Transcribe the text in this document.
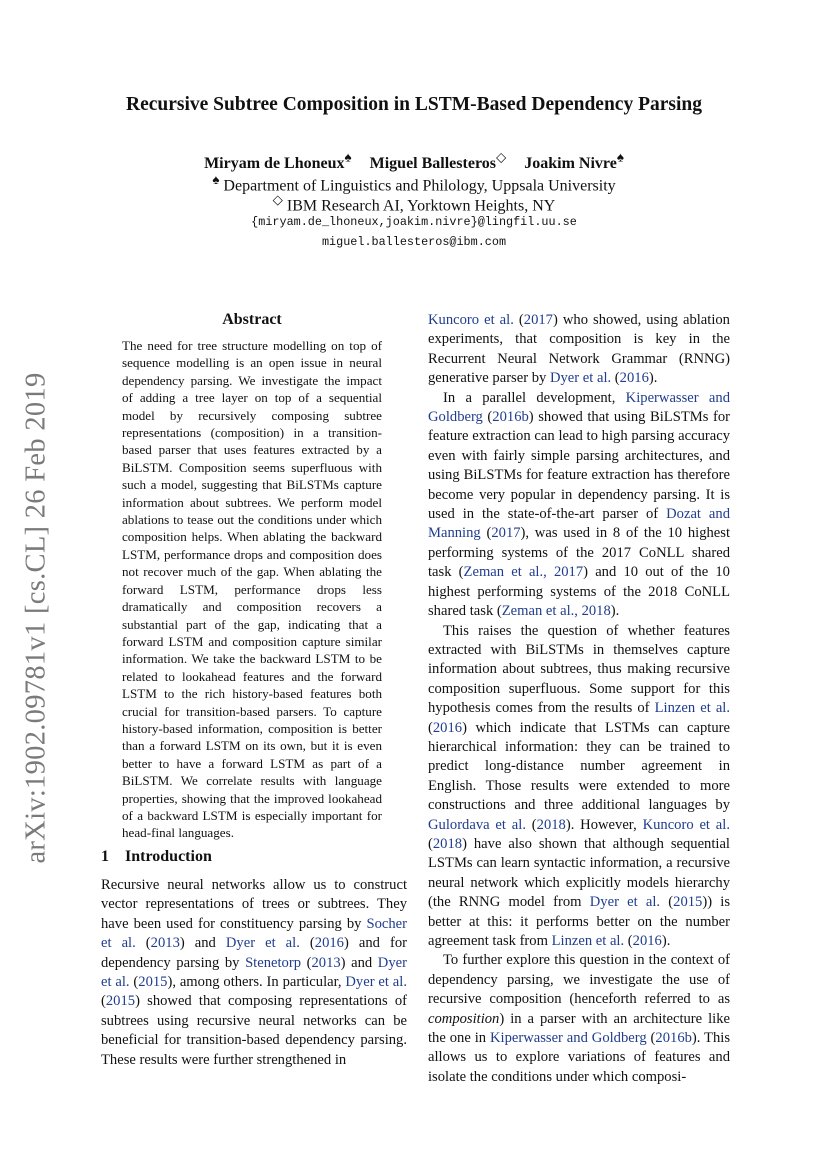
arXiv:1902.09781v1 [cs.CL] 26 Feb 2019
Recursive Subtree Composition in LSTM-Based Dependency Parsing
Miryam de Lhoneux♠ Miguel Ballesteros◇ Joakim Nivre♠
♠ Department of Linguistics and Philology, Uppsala University
◇ IBM Research AI, Yorktown Heights, NY
{miryam.de_lhoneux,joakim.nivre}@lingfil.uu.se
miguel.ballesteros@ibm.com
Abstract

The need for tree structure modelling on top of sequence modelling is an open issue in neural dependency parsing. We investigate the impact of adding a tree layer on top of a sequential model by recursively composing subtree representations (composition) in a transition-based parser that uses features extracted by a BiLSTM. Composition seems superfluous with such a model, suggesting that BiLSTMs capture information about subtrees. We perform model ablations to tease out the conditions under which composition helps. When ablating the backward LSTM, performance drops and composition does not recover much of the gap. When ablating the forward LSTM, performance drops less dramatically and composition recovers a substantial part of the gap, indicating that a forward LSTM and composition capture similar information. We take the backward LSTM to be related to lookahead features and the forward LSTM to the rich history-based features both crucial for transition-based parsers. To capture history-based information, composition is better than a forward LSTM on its own, but it is even better to have a forward LSTM as part of a BiLSTM. We correlate results with language properties, showing that the improved lookahead of a backward LSTM is especially important for head-final languages.

1 Introduction

Recursive neural networks allow us to construct vector representations of trees or subtrees. They have been used for constituency parsing by Socher et al. (2013) and Dyer et al. (2016) and for dependency parsing by Stenetorp (2013) and Dyer et al. (2015), among others. In particular, Dyer et al. (2015) showed that composing representations of subtrees using recursive neural networks can be beneficial for transition-based dependency parsing. These results were further strengthened in

Kuncoro et al. (2017) who showed, using ablation experiments, that composition is key in the Recurrent Neural Network Grammar (RNNG) generative parser by Dyer et al. (2016).

In a parallel development, Kiperwasser and Goldberg (2016b) showed that using BiLSTMs for feature extraction can lead to high parsing accuracy even with fairly simple parsing architectures, and using BiLSTMs for feature extraction has therefore become very popular in dependency parsing. It is used in the state-of-the-art parser of Dozat and Manning (2017), was used in 8 of the 10 highest performing systems of the 2017 CoNLL shared task (Zeman et al., 2017) and 10 out of the 10 highest performing systems of the 2018 CoNLL shared task (Zeman et al., 2018).

This raises the question of whether features extracted with BiLSTMs in themselves capture information about subtrees, thus making recursive composition superfluous. Some support for this hypothesis comes from the results of Linzen et al. (2016) which indicate that LSTMs can capture hierarchical information: they can be trained to predict long-distance number agreement in English. Those results were extended to more constructions and three additional languages by Gulordava et al. (2018). However, Kuncoro et al. (2018) have also shown that although sequential LSTMs can learn syntactic information, a recursive neural network which explicitly models hierarchy (the RNNG model from Dyer et al. (2015)) is better at this: it performs better on the number agreement task from Linzen et al. (2016).

To further explore this question in the context of dependency parsing, we investigate the use of recursive composition (henceforth referred to as composition) in a parser with an architecture like the one in Kiperwasser and Goldberg (2016b). This allows us to explore variations of features and isolate the conditions under which composi-
